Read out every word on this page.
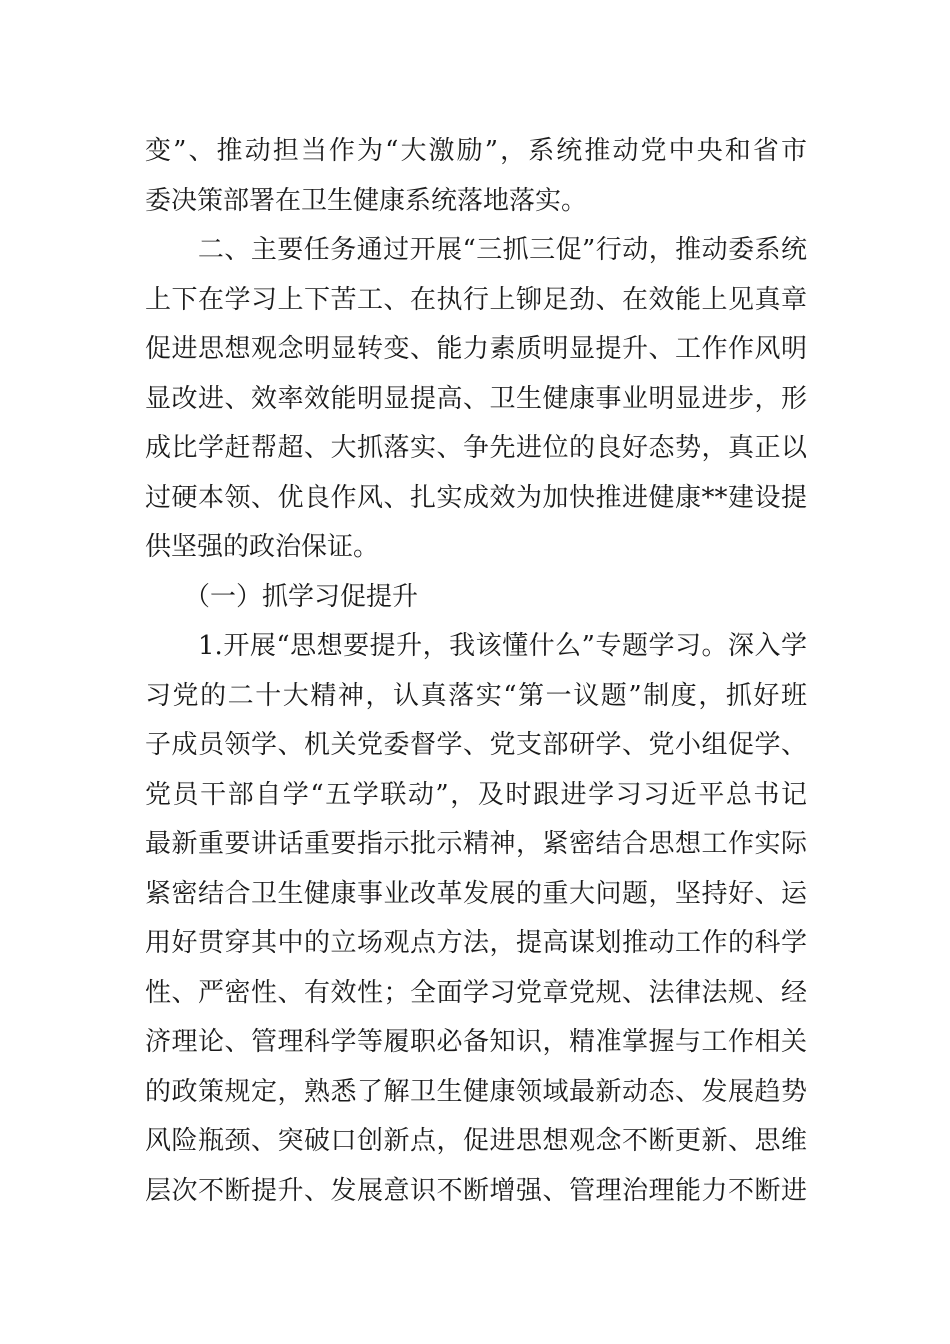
变”、推动担当作为“大激励”，系统推动党中央和省市
委决策部署在卫生健康系统落地落实。
　　二、主要任务通过开展“三抓三促”行动，推动委系统
上下在学习上下苦工、在执行上铆足劲、在效能上见真章
促进思想观念明显转变、能力素质明显提升、工作作风明
显改进、效率效能明显提高、卫生健康事业明显进步，形
成比学赶帮超、大抓落实、争先进位的良好态势，真正以
过硬本领、优良作风、扎实成效为加快推进健康**建设提
供坚强的政治保证。
　　（一）抓学习促提升
　　1.开展“思想要提升，我该懂什么”专题学习。深入学
习党的二十大精神，认真落实“第一议题”制度，抓好班
子成员领学、机关党委督学、党支部研学、党小组促学、
党员干部自学“五学联动”，及时跟进学习习近平总书记
最新重要讲话重要指示批示精神，紧密结合思想工作实际
紧密结合卫生健康事业改革发展的重大问题，坚持好、运
用好贯穿其中的立场观点方法，提高谋划推动工作的科学
性、严密性、有效性；全面学习党章党规、法律法规、经
济理论、管理科学等履职必备知识，精准掌握与工作相关
的政策规定，熟悉了解卫生健康领域最新动态、发展趋势
风险瓶颈、突破口创新点，促进思想观念不断更新、思维
层次不断提升、发展意识不断增强、管理治理能力不断进
